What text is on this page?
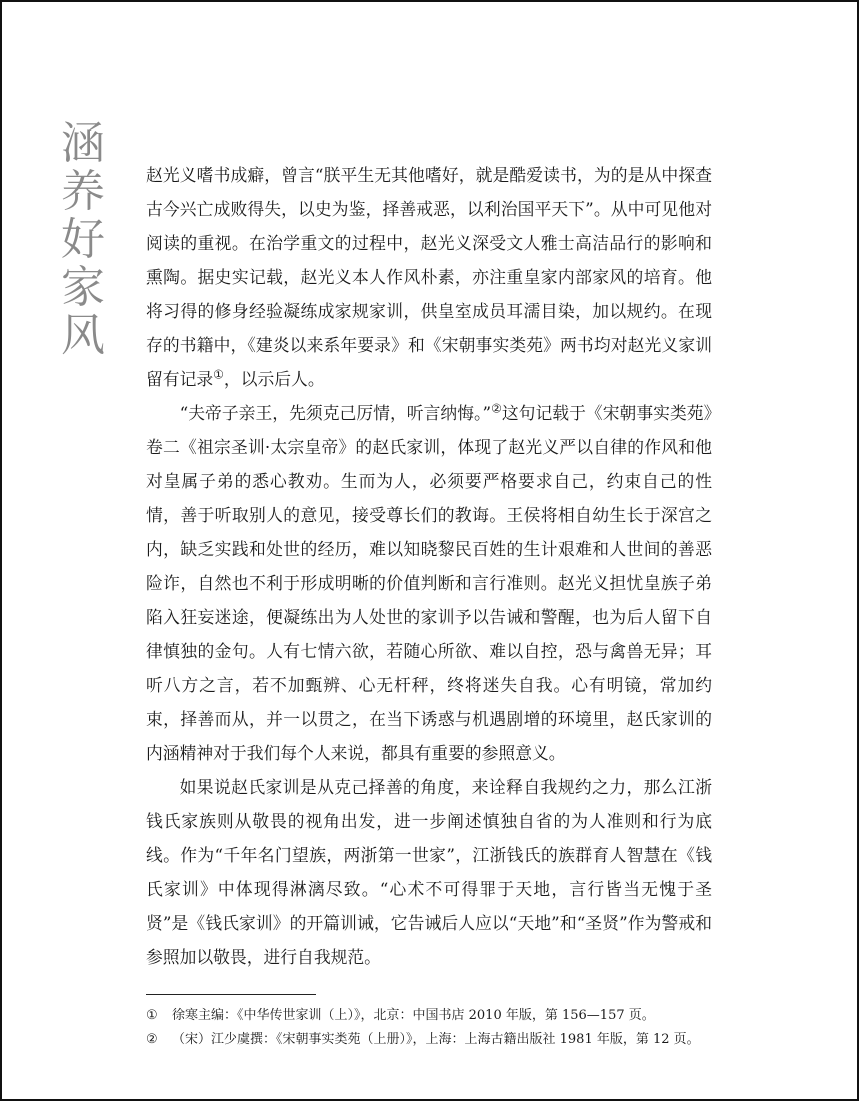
涵
养
好
家
风

赵光义嗜书成癖，曾言“朕平生无其他嗜好，就是酷爱读书，为的是从中探查古今兴亡成败得失，以史为鉴，择善戒恶，以利治国平天下”。从中可见他对阅读的重视。在治学重文的过程中，赵光义深受文人雅士高洁品行的影响和熏陶。据史实记载，赵光义本人作风朴素，亦注重皇家内部家风的培育。他将习得的修身经验凝练成家规家训，供皇室成员耳濡目染，加以规约。在现存的书籍中，《建炎以来系年要录》和《宋朝事实类苑》两书均对赵光义家训留有记录①，以示后人。

“夫帝子亲王，先须克己厉情，听言纳悔。”②这句记载于《宋朝事实类苑》卷二《祖宗圣训·太宗皇帝》的赵氏家训，体现了赵光义严以自律的作风和他对皇属子弟的悉心教劝。生而为人，必须要严格要求自己，约束自己的性情，善于听取别人的意见，接受尊长们的教诲。王侯将相自幼生长于深宫之内，缺乏实践和处世的经历，难以知晓黎民百姓的生计艰难和人世间的善恶险诈，自然也不利于形成明晰的价值判断和言行准则。赵光义担忧皇族子弟陷入狂妄迷途，便凝练出为人处世的家训予以告诫和警醒，也为后人留下自律慎独的金句。人有七情六欲，若随心所欲、难以自控，恐与禽兽无异；耳听八方之言，若不加甄辨、心无杆秤，终将迷失自我。心有明镜，常加约束，择善而从，并一以贯之，在当下诱惑与机遇剧增的环境里，赵氏家训的内涵精神对于我们每个人来说，都具有重要的参照意义。

如果说赵氏家训是从克己择善的角度，来诠释自我规约之力，那么江浙钱氏家族则从敬畏的视角出发，进一步阐述慎独自省的为人准则和行为底线。作为“千年名门望族，两浙第一世家”，江浙钱氏的族群育人智慧在《钱氏家训》中体现得淋漓尽致。“心术不可得罪于天地，言行皆当无愧于圣贤”是《钱氏家训》的开篇训诫，它告诫后人应以“天地”和“圣贤”作为警戒和参照加以敬畏，进行自我规范。

①	徐寒主编：《中华传世家训（上）》，北京：中国书店 2010 年版，第 156—157 页。
②	（宋）江少虞撰：《宋朝事实类苑（上册）》，上海：上海古籍出版社 1981 年版，第 12 页。
